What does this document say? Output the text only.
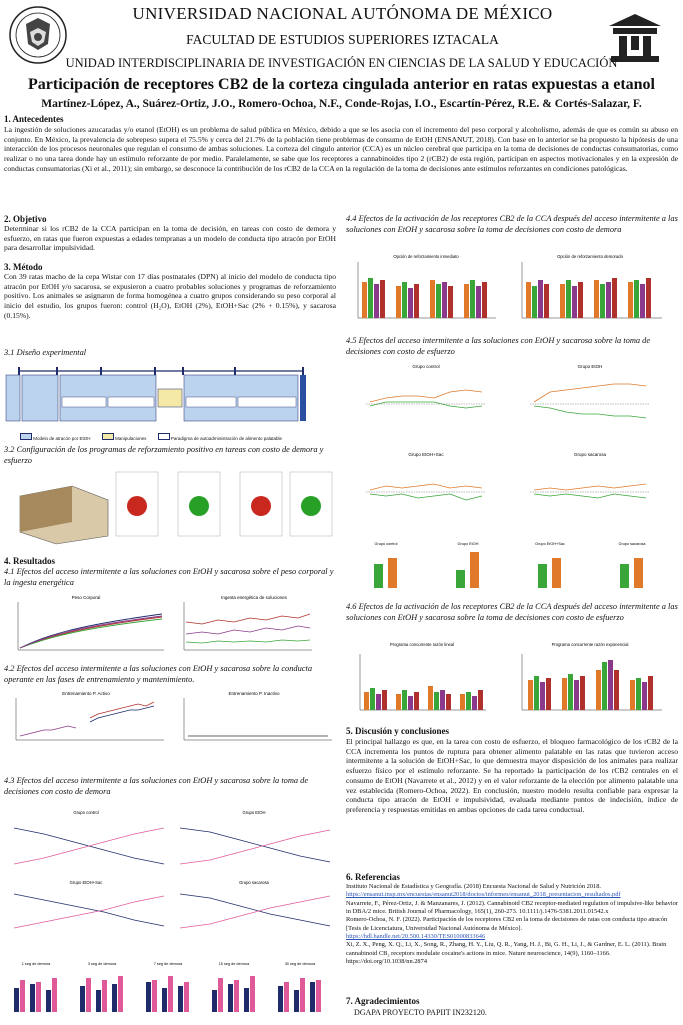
UNIVERSIDAD NACIONAL AUTÓNOMA DE MÉXICO
FACULTAD DE ESTUDIOS SUPERIORES IZTACALA
UNIDAD INTERDISCIPLINARIA DE INVESTIGACIÓN EN CIENCIAS DE LA SALUD Y EDUCACIÓN
Participación de receptores CB2 de la corteza cingulada anterior en ratas expuestas a etanol
Martínez-López, A., Suárez-Ortiz, J.O., Romero-Ochoa, N.F., Conde-Rojas, I.O., Escartín-Pérez, R.E. & Cortés-Salazar, F.
1. Antecedentes
La ingestión de soluciones azucaradas y/o etanol (EtOH) es un problema de salud pública en México, debido a que se les asocia con el incremento del peso corporal y alcoholismo, además de que es común su abuso en conjunto. En México, la prevalencia de sobrepeso supera el 75.5% y cerca del 21.7% de la población tiene problemas de consumo de EtOH (ENSANUT, 2018). Con base en lo anterior se ha propuesto la hipótesis de una interacción de los procesos neuronales que regulan el consumo de ambas soluciones. La corteza del cíngulo anterior (CCA) es un núcleo cerebral que participa en la toma de decisiones de conductas consumatorias, como realizar o no una tarea donde hay un estímulo reforzante de por medio. Paralelamente, se sabe que los receptores a cannabinoides tipo 2 (rCB2) de esta región, participan en aspectos motivacionales y en la expresión de conductas consumatorias (Xi et al., 2011); sin embargo, se desconoce la contribución de los rCB2 de la CCA en la regulación de la toma de decisiones ante estímulos reforzantes en condiciones patológicas.
2. Objetivo
Determinar si los rCB2 de la CCA participan en la toma de decisión, en tareas con costo de demora y esfuerzo, en ratas que fueron expuestas a edades tempranas a un modelo de conducta tipo atracón por EtOH para desarrollar impulsividad.
3. Método
Con 39 ratas macho de la cepa Wistar con 17 días postnatales (DPN) al inicio del modelo de conducta tipo atracón por EtOH y/o sacarosa, se expusieron a cuatro probables soluciones y programas de reforzamiento positivo. Los animales se asignaron de forma homogénea a cuatro grupos considerando su peso corporal al inicio del estudio, los grupos fueron: control (H₂O), EtOH (2%), EtOH+Sac (2% + 0.15%), y sacarosa (0.15%).
3.1 Diseño experimental
Modelo de atracón por EtOH	Manipulaciones	Paradigma de autoadministración de alimento palatable
3.2 Configuración de los programas de reforzamiento positivo en tareas con costo de demora y esfuerzo
4. Resultados
4.1 Efectos del acceso intermitente a las soluciones con EtOH y sacarosa sobre el peso corporal y la ingesta energética
Peso Corporal	Ingesta energética de soluciones
4.2 Efectos del acceso intermitente a las soluciones con EtOH y sacarosa sobre la conducta operante en las fases de entrenamiento y mantenimiento.
Entrenamiento P. Activo	Entrenamiento P. Inactivo
4.3 Efectos del acceso intermitente a las soluciones con EtOH y sacarosa sobre la toma de decisiones con costo de demora
Grupo control	Grupo EtOH
Grupo EtOH+Sac	Grupo sacarosa
1 seg de demora	3 seg de demora	7 seg de demora	15 seg de demora	30 seg de demora
4.4 Efectos de la activación de los receptores CB2 de la CCA después del acceso intermitente a las soluciones con EtOH y sacarosa sobre la toma de decisiones con costo de demora
Opción de reforzamiento inmediato	Opción de reforzamiento demorado
4.5 Efectos del acceso intermitente a las soluciones con EtOH y sacarosa sobre la toma de decisiones con costo de esfuerzo
Grupo control	Grupo EtOH
Grupo EtOH+Sac	Grupo sacarosa
Grupo control	Grupo EtOH	Grupo EtOH+Sac	Grupo sacarosa
4.6 Efectos de la activación de los receptores CB2 de la CCA después del acceso intermitente a las soluciones con EtOH y sacarosa sobre la toma de decisiones con costo de esfuerzo
Programa concurrente razón lineal	Programa concurrente razón exponencial
5. Discusión y conclusiones
El principal hallazgo es que, en la tarea con costo de esfuerzo, el bloqueo farmacológico de los rCB2 de la CCA incrementa los puntos de ruptura para obtener alimento palatable en las ratas que tuvieron acceso intermitente a la solución de EtOH+Sac, lo que demuestra mayor disposición de los animales para realizar esfuerzo físico por el estímulo reforzante. Se ha reportado la participación de los rCB2 centrales en el consumo de EtOH (Navarrete et al., 2012) y en el valor reforzante de la elección por alimento palatable una vez establecida (Romero-Ochoa, 2022). En conclusión, nuestro modelo resulta confiable para expresar la conducta tipo atracón de EtOH e impulsividad, evaluada mediante puntos de indecisión, índice de preferencia y respuestas emitidas en ambas opciones de cada tarea conductual.
6. Referencias
Instituto Nacional de Estadística y Geografía. (2018) Encuesta Nacional de Salud y Nutrición 2018.
https://ensanut.insp.mx/encuestas/ensanut2018/doctos/informes/ensanut_2018_presentacion_resultados.pdf
Navarrete, F., Pérez-Ortiz, J. & Manzanares, J. (2012). Cannabinoid CB2 receptor-mediated regulation of impulsive-like behavior in DBA/2 mice. British Journal of Pharmacology, 165(1), 260-273. 10.1111/j.1476-5381.2011.01542.x
Romero-Ochoa, N. F. (2022). Participación de los receptores CB2 en la toma de decisiones de ratas con conducta tipo atracón [Tesis de Licenciatura, Universidad Nacional Autónoma de México].
https://hdl.handle.net/20.500.14330/TES01000833646
Xi, Z. X., Peng, X. Q., Li, X., Song, R., Zhang, H. Y., Liu, Q. R., Yang, H. J., Bi, G. H., Li, J., & Gardner, E. L. (2011). Brain cannabinoid CB₂ receptors modulate cocaine's actions in mice. Nature neuroscience, 14(9), 1160–1166. https://doi.org/10.1038/nn.2874
7. Agradecimientos
DGAPA PROYECTO PAPIIT IN232120.
